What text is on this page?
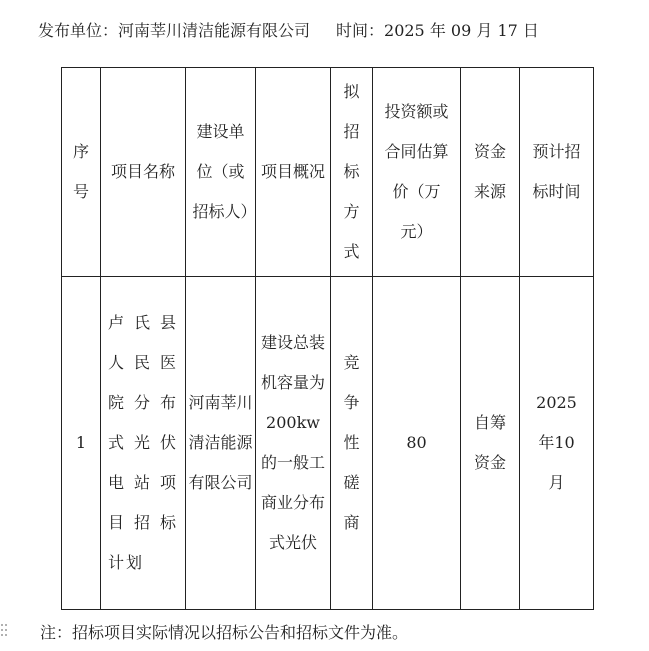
发布单位：河南莘川清洁能源有限公司 时间：2025 年 09 月 17 日
序号	项目名称	建设单位（或招标人）	项目概况	拟招标方式	投资额或合同估算价（万元）	资金来源	预计招标时间

1	卢氏县人民医院分布式光伏电站项目招标计划	河南莘川清洁能源有限公司	建设总装机容量为200kw的一般工商业分布式光伏	竞争性磋商	80	自筹资金	2025年10月
注：招标项目实际情况以招标公告和招标文件为准。
